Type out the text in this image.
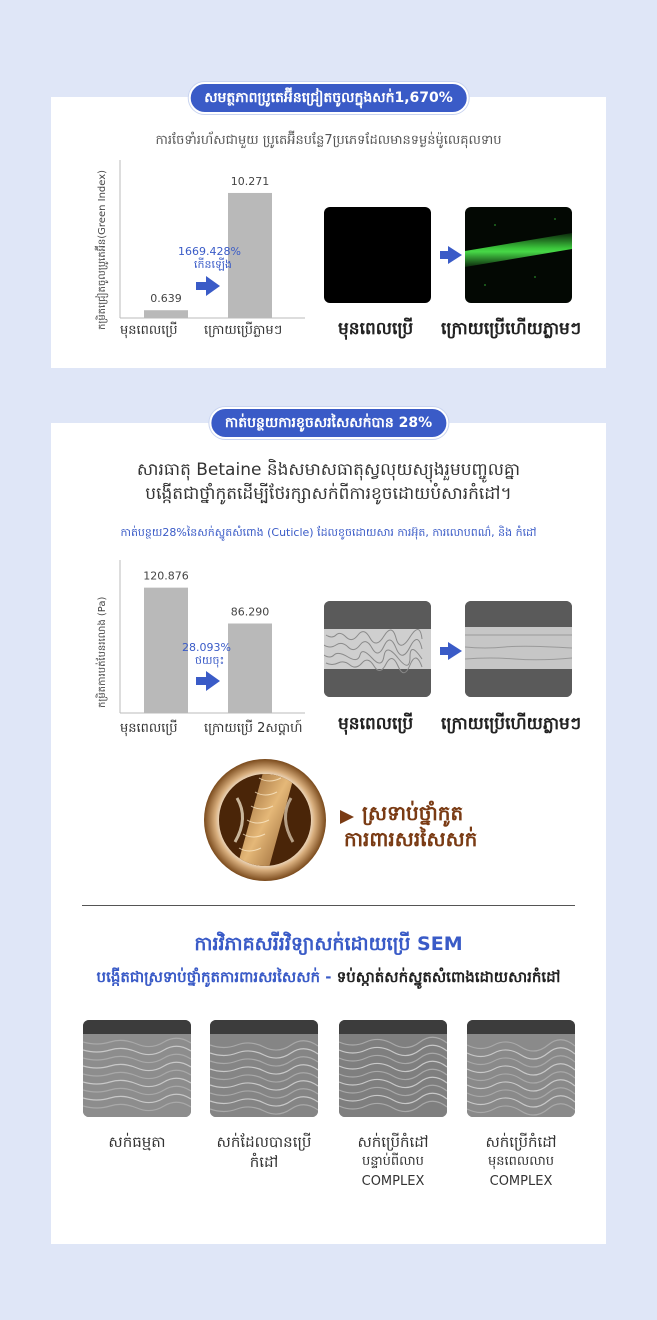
សមត្ថភាពប្រូតេអ៊ីនជ្រៀតចូលក្នុងសក់1,670%
ការចែទាំរហ័សជាមួយ ប្រូតេអ៊ីនបន្លែ7ប្រភេទដែលមានទម្ងន់ម៉ូលេគុលទាប
កម្រិតជ្រៀតចូលប្រូតេអ៊ីន(Green Index)	0.639
10.271
1669.428%
កើនឡើង
មុនពេលប្រើ ក្រោយប្រើភ្លាមៗ	មុនពេលប្រើ ក្រោយប្រើហើយភ្លាមៗ
កាត់បន្ថយការខូចសរសៃសក់បាន 28%
សារធាតុ Betaine និងសមាសធាតុស្វលុយស្យុងរួមបញ្ចូលគ្នា
បង្កើតជាថ្នាំកូតដើម្បីថែរក្សាសក់ពីការខូចដោយបំសារកំដៅ។
កាត់បន្ថយ28%នៃសក់ស្នូតសំពោង (Cuticle) ដែលខូចដោយសារ ការអ៊ុត, ការលោបពណ៌, និង កំដៅ
កម្រិតការបត់បែនរលោង (Pa)
120.876
86.290
28.093%
ថយចុះ
មុនពេលប្រើ ក្រោយប្រើ 2សប្តាហ៍ មុនពេលប្រើ ក្រោយប្រើហើយភ្លាមៗ
ស្រទាប់ថ្នាំកូត
ការពារសរសៃសក់
ការវិភាគសរីរវិទ្យាសក់ដោយប្រើ SEM
បង្កើតជាស្រទាប់ថ្នាំកូតការពារសរសៃសក់ - ទប់ស្កាត់សក់ស្នូតសំពោងដោយសារកំដៅ
សក់ធម្មតា	សក់ដែលបានប្រើកំដៅ
សក់ប្រើកំដៅ
បន្ទាប់ពីលាប
COMPLEX
សក់ប្រើកំដៅ
មុនពេលលាប
COMPLEX
